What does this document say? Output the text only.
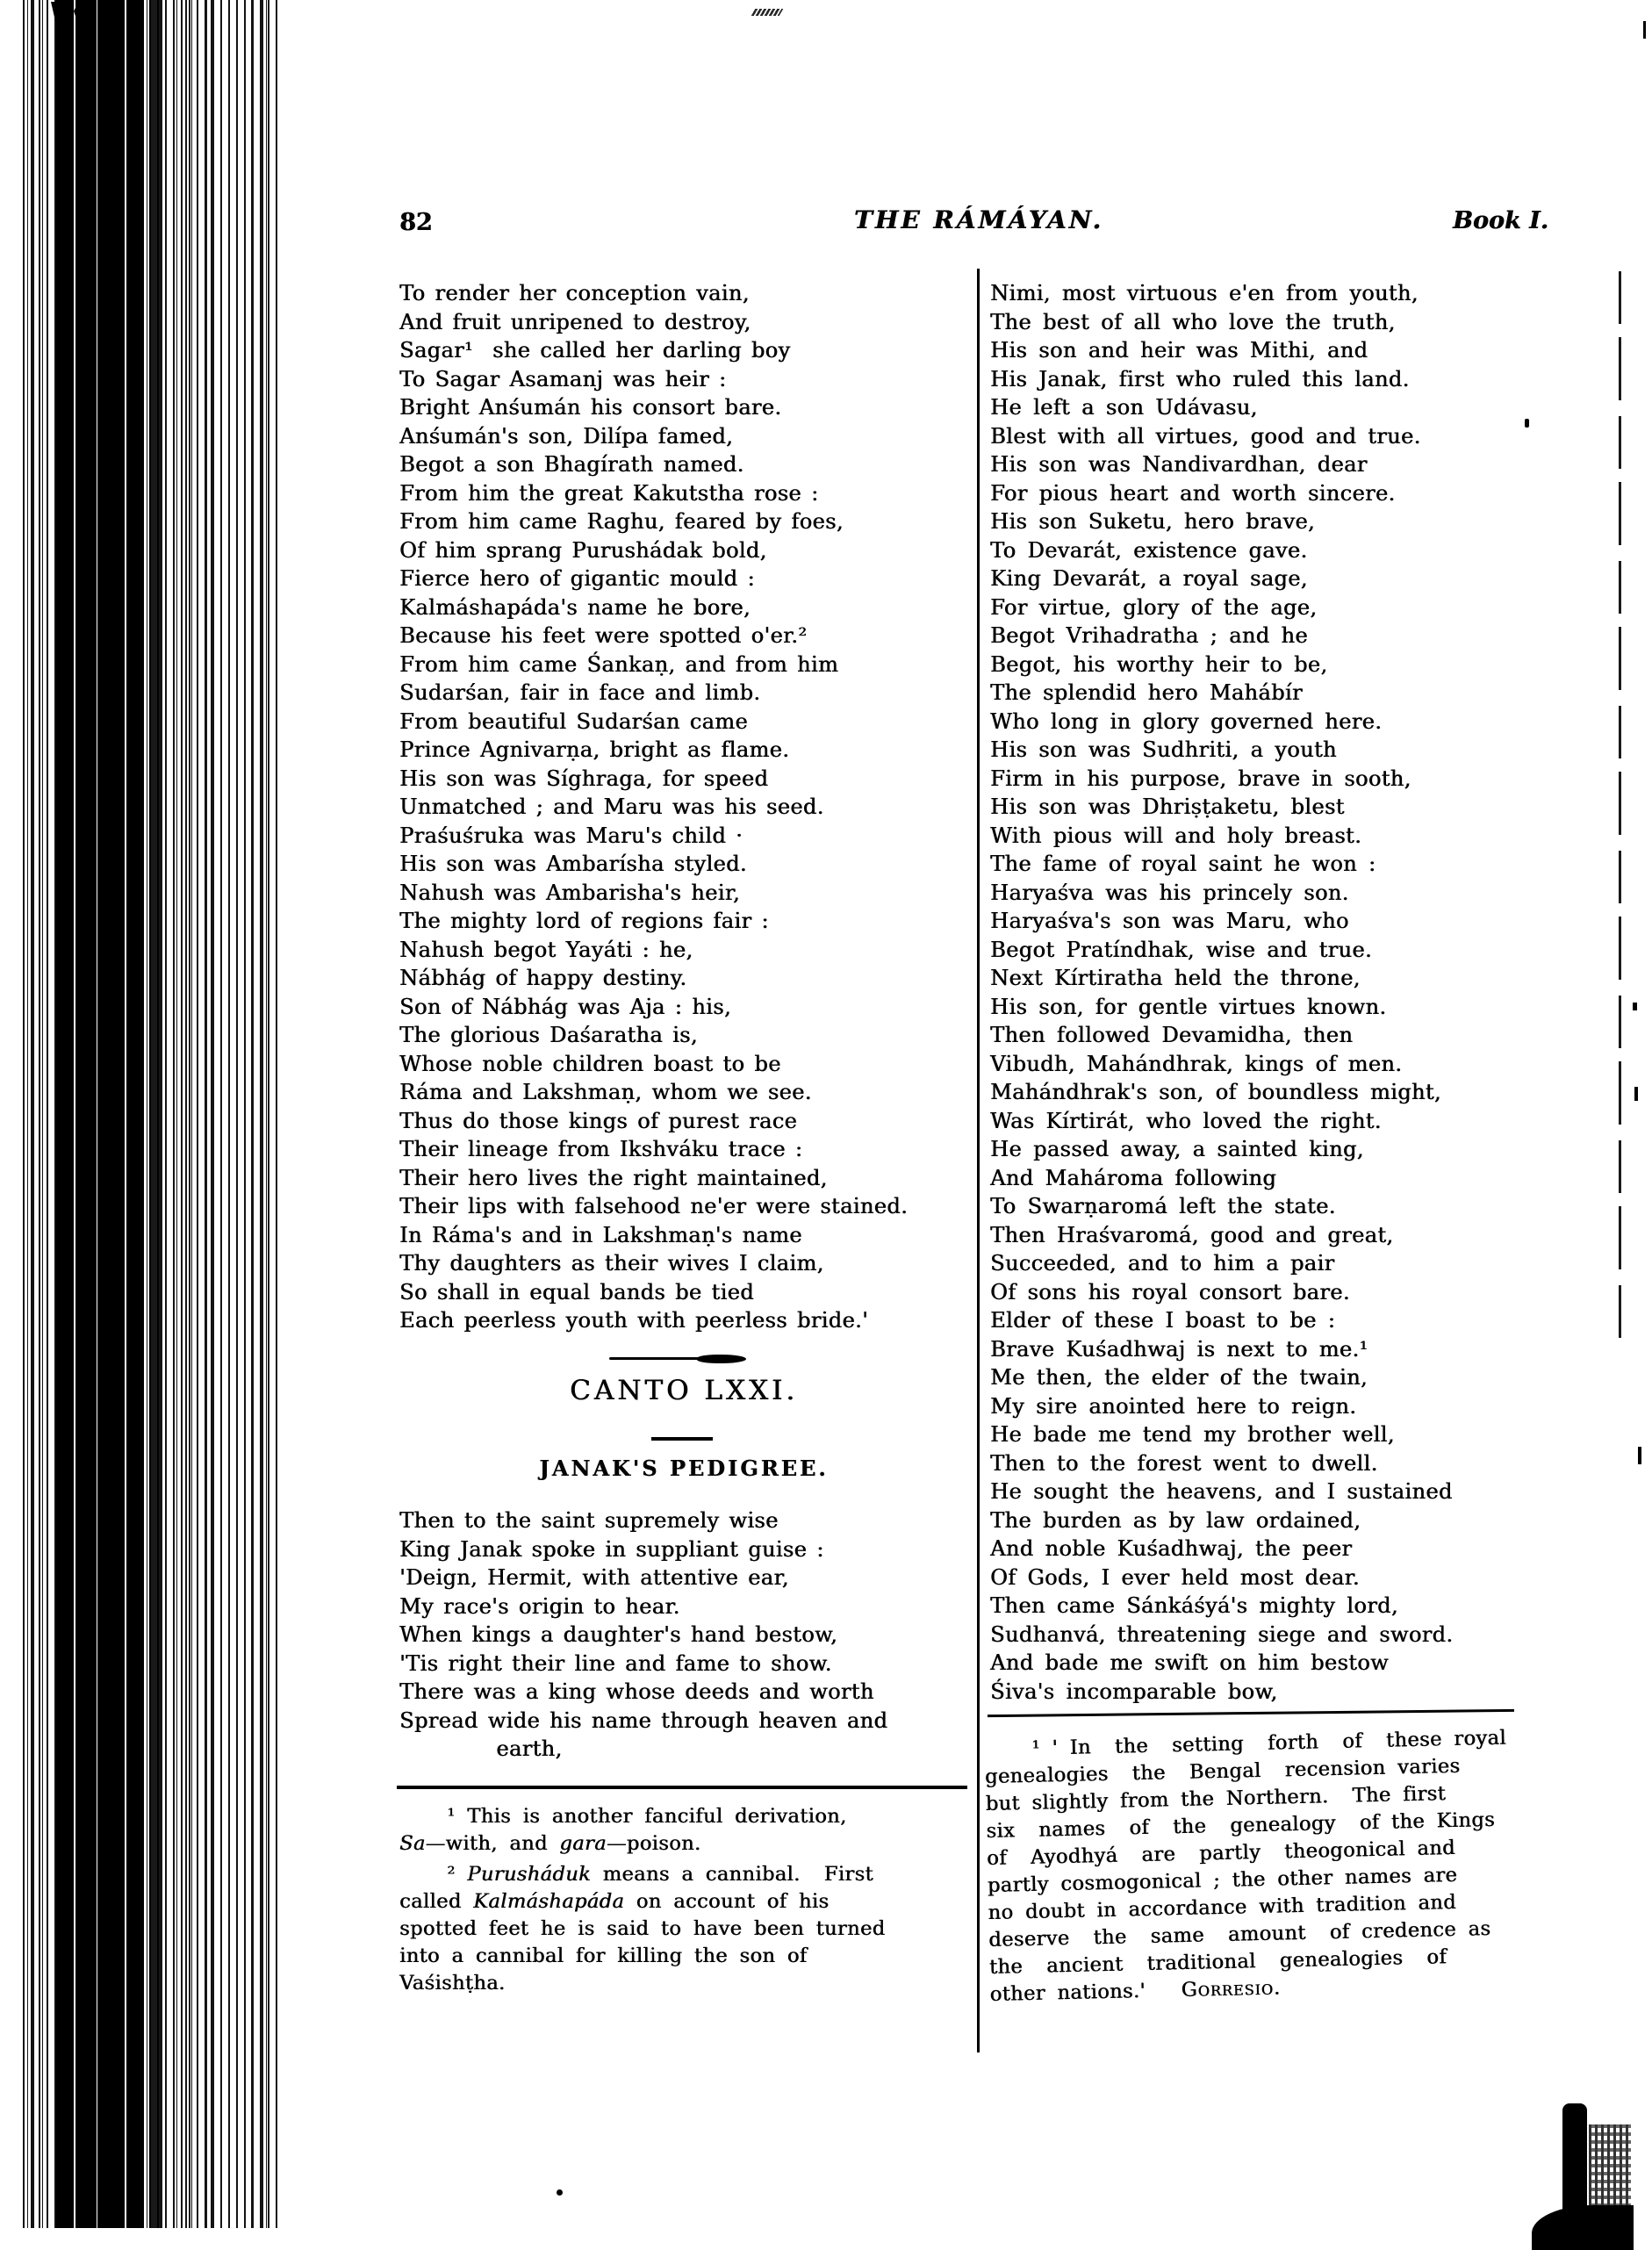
82	THE RÁMÁYAN.	Book I.
To render her conception vain,
And fruit unripened to destroy,
Sagar¹  she called her darling boy
To Sagar Asamanj was heir :
Bright Anśumán his consort bare.
Anśumán's son, Dilípa famed,
Begot a son Bhagírath named.
From him the great Kakutstha rose :
From him came Raghu, feared by foes,
Of him sprang Purushádak bold,
Fierce hero of gigantic mould :
Kalmáshapáda's name he bore,
Because his feet were spotted o'er.²
From him came Śankaṇ, and from him
Sudarśan, fair in face and limb.
From beautiful Sudarśan came
Prince Agnivarṇa, bright as flame.
His son was Síghraga, for speed
Unmatched ; and Maru was his seed.
Praśuśruka was Maru's child ·
His son was Ambarísha styled.
Nahush was Ambarisha's heir,
The mighty lord of regions fair :
Nahush begot Yayáti : he,
Nábhág of happy destiny.
Son of Nábhág was Aja : his,
The glorious Daśaratha is,
Whose noble children boast to be
Ráma and Lakshmaṇ, whom we see.
Thus do those kings of purest race
Their lineage from Ikshváku trace :
Their hero lives the right maintained,
Their lips with falsehood ne'er were stained.
In Ráma's and in Lakshmaṇ's name
Thy daughters as their wives I claim,
So shall in equal bands be tied
Each peerless youth with peerless bride.'
CANTO LXXI.
JANAK'S PEDIGREE.
Then to the saint supremely wise
King Janak spoke in suppliant guise :
'Deign, Hermit, with attentive ear,
My race's origin to hear.
When kings a daughter's hand bestow,
'Tis right their line and fame to show.
There was a king whose deeds and worth
Spread wide his name through heaven and
earth,
¹ This is another fanciful derivation,
Sa—with, and gara—poison.
² Purusháduk means a cannibal.  First
called Kalmáshapáda on account of his
spotted feet he is said to have been turned
into a cannibal for killing the son of
Vaśishṭha.
Nimi, most virtuous e'en from youth,
The best of all who love the truth,
His son and heir was Mithi, and
His Janak, first who ruled this land.
He left a son Udávasu,
Blest with all virtues, good and true.
His son was Nandivardhan, dear
For pious heart and worth sincere.
His son Suketu, hero brave,
To Devarát, existence gave.
King Devarát, a royal sage,
For virtue, glory of the age,
Begot Vrihadratha ; and he
Begot, his worthy heir to be,
The splendid hero Mahábír
Who long in glory governed here.
His son was Sudhriti, a youth
Firm in his purpose, brave in sooth,
His son was Dhriṣṭaketu, blest
With pious will and holy breast.
The fame of royal saint he won :
Haryaśva was his princely son.
Haryaśva's son was Maru, who
Begot Pratíndhak, wise and true.
Next Kírtiratha held the throne,
His son, for gentle virtues known.
Then followed Devamidha, then
Vibudh, Mahándhrak, kings of men.
Mahándhrak's son, of boundless might,
Was Kírtirát, who loved the right.
He passed away, a sainted king,
And Mahároma following
To Swarṇaromá left the state.
Then Hraśvaromá, good and great,
Succeeded, and to him a pair
Of sons his royal consort bare.
Elder of these I boast to be :
Brave Kuśadhwaj is next to me.¹
Me then, the elder of the twain,
My sire anointed here to reign.
He bade me tend my brother well,
Then to the forest went to dwell.
He sought the heavens, and I sustained
The burden as by law ordained,
And noble Kuśadhwaj, the peer
Of Gods, I ever held most dear.
Then came Sánkáśyá's mighty lord,
Sudhanvá, threatening siege and sword.
And bade me swift on him bestow
Śiva's incomparable bow,
¹ ' In  the  setting  forth  of  these royal
genealogies  the  Bengal  recension varies
but slightly from the Northern.  The first
six  names  of  the  genealogy  of the Kings
of  Ayodhyá  are  partly  theogonical and
partly cosmogonical ; the other names are
no doubt in accordance with tradition and
deserve  the  same  amount  of credence as
the  ancient  traditional  genealogies  of
other nations.'   Gorresio.
